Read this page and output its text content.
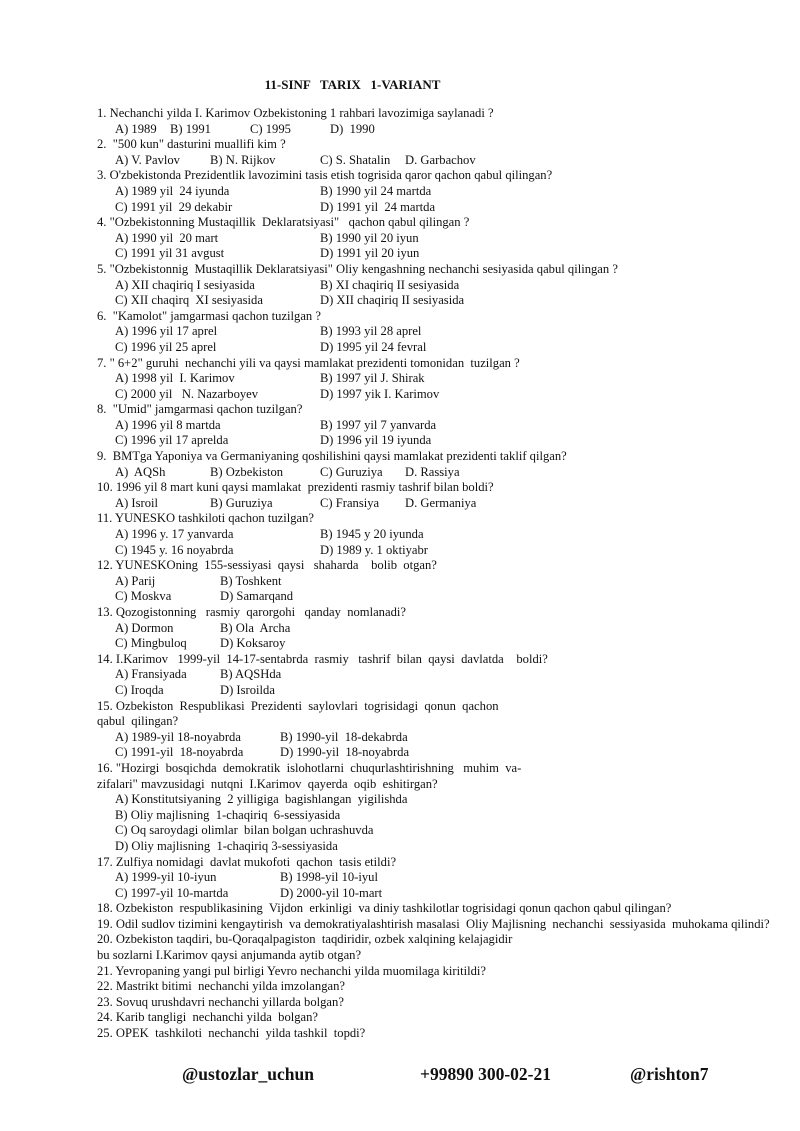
11-SINF   TARIX   1-VARIANT
1. Nechanchi yilda I. Karimov Ozbekistoning 1 rahbari lavozimiga saylanadi ?
A) 1989	B) 1991	C) 1995	D)  1990
2.  "500 kun" dasturini muallifi kim ?
A) V. Pavlov	B) N. Rijkov	C) S. Shatalin	D. Garbachov
3. O'zbekistonda Prezidentlik lavozimini tasis etish togrisida qaror qachon qabul qilingan?
A) 1989 yil  24 iyunda	B) 1990 yil 24 martda
C) 1991 yil  29 dekabir	D) 1991 yil  24 martda
4. "Ozbekistonning Mustaqillik  Deklaratsiyasi"   qachon qabul qilingan ?
A) 1990 yil  20 mart	B) 1990 yil 20 iyun
C) 1991 yil 31 avgust	D) 1991 yil 20 iyun
5. "Ozbekistonnig  Mustaqillik Deklaratsiyasi" Oliy kengashning nechanchi sesiyasida qabul qilingan ?
A) XII chaqiriq I sesiyasida	B) XI chaqiriq II sesiyasida
C) XII chaqirq  XI sesiyasida	D) XII chaqiriq II sesiyasida
6.  "Kamolot" jamgarmasi qachon tuzilgan ?
A) 1996 yil 17 aprel	B) 1993 yil 28 aprel
C) 1996 yil 25 aprel	D) 1995 yil 24 fevral
7. " 6+2" guruhi  nechanchi yili va qaysi mamlakat prezidenti tomonidan  tuzilgan ?
A) 1998 yil  I. Karimov	B) 1997 yil J. Shirak
C) 2000 yil   N. Nazarboyev	D) 1997 yik I. Karimov
8.  "Umid" jamgarmasi qachon tuzilgan?
A) 1996 yil 8 martda	B) 1997 yil 7 yanvarda
C) 1996 yil 17 aprelda	D) 1996 yil 19 iyunda
9.  BMTga Yaponiya va Germaniyaning qoshilishini qaysi mamlakat prezidenti taklif qilgan?
A)  AQSh	B) Ozbekiston	C) Guruziya	D. Rassiya
10. 1996 yil 8 mart kuni qaysi mamlakat  prezidenti rasmiy tashrif bilan boldi?
A) Isroil	B) Guruziya	C) Fransiya	D. Germaniya
11. YUNESKO tashkiloti qachon tuzilgan?
A) 1996 y. 17 yanvarda	B) 1945 y 20 iyunda
C) 1945 y. 16 noyabrda	D) 1989 y. 1 oktiyabr
12. YUNESKOning  155-sessiyasi  qaysi   shaharda    bolib  otgan?
A) Parij	B) Toshkent
C) Moskva	D) Samarqand
13. Qozogistonning   rasmiy  qarorgohi   qanday  nomlanadi?
A) Dormon	B) Ola  Archa
C) Mingbuloq	D) Koksaroy
14. I.Karimov   1999-yil  14-17-sentabrda  rasmiy   tashrif  bilan  qaysi  davlatda    boldi?
A) Fransiyada	B) AQSHda
C) Iroqda	D) Isroilda
15. Ozbekiston  Respublikasi  Prezidenti  saylovlari  togrisidagi  qonun  qachon
qabul  qilingan?
A) 1989-yil 18-noyabrda	B) 1990-yil  18-dekabrda
C) 1991-yil  18-noyabrda	D) 1990-yil  18-noyabrda
16. "Hozirgi  bosqichda  demokratik  islohotlarni  chuqurlashtirishning   muhim  va-
zifalari" mavzusidagi  nutqni  I.Karimov  qayerda  oqib  eshitirgan?
A) Konstitutsiyaning  2 yilligiga  bagishlangan  yigilishda
B) Oliy majlisning  1-chaqiriq  6-sessiyasida
C) Oq saroydagi olimlar  bilan bolgan uchrashuvda
D) Oliy majlisning  1-chaqiriq 3-sessiyasida
17. Zulfiya nomidagi  davlat mukofoti  qachon  tasis etildi?
A) 1999-yil 10-iyun	B) 1998-yil 10-iyul
C) 1997-yil 10-martda	D) 2000-yil 10-mart
18. Ozbekiston  respublikasining  Vijdon  erkinligi  va diniy tashkilotlar togrisidagi qonun qachon qabul qilingan?
19. Odil sudlov tizimini kengaytirish  va demokratiyalashtirish masalasi  Oliy Majlisning  nechanchi  sessiyasida  muhokama qilindi?
20. Ozbekiston taqdiri, bu-Qoraqalpagiston  taqdiridir, ozbek xalqining kelajagidir
bu sozlarni I.Karimov qaysi anjumanda aytib otgan?
21. Yevropaning yangi pul birligi Yevro nechanchi yilda muomilaga kiritildi?
22. Mastrikt bitimi  nechanchi yilda imzolangan?
23. Sovuq urushdavri nechanchi yillarda bolgan?
24. Karib tangligi  nechanchi yilda  bolgan?
25. OPEK  tashkiloti  nechanchi  yilda tashkil  topdi?
@ustozlar_uchun	+99890 300-02-21	@rishton7
